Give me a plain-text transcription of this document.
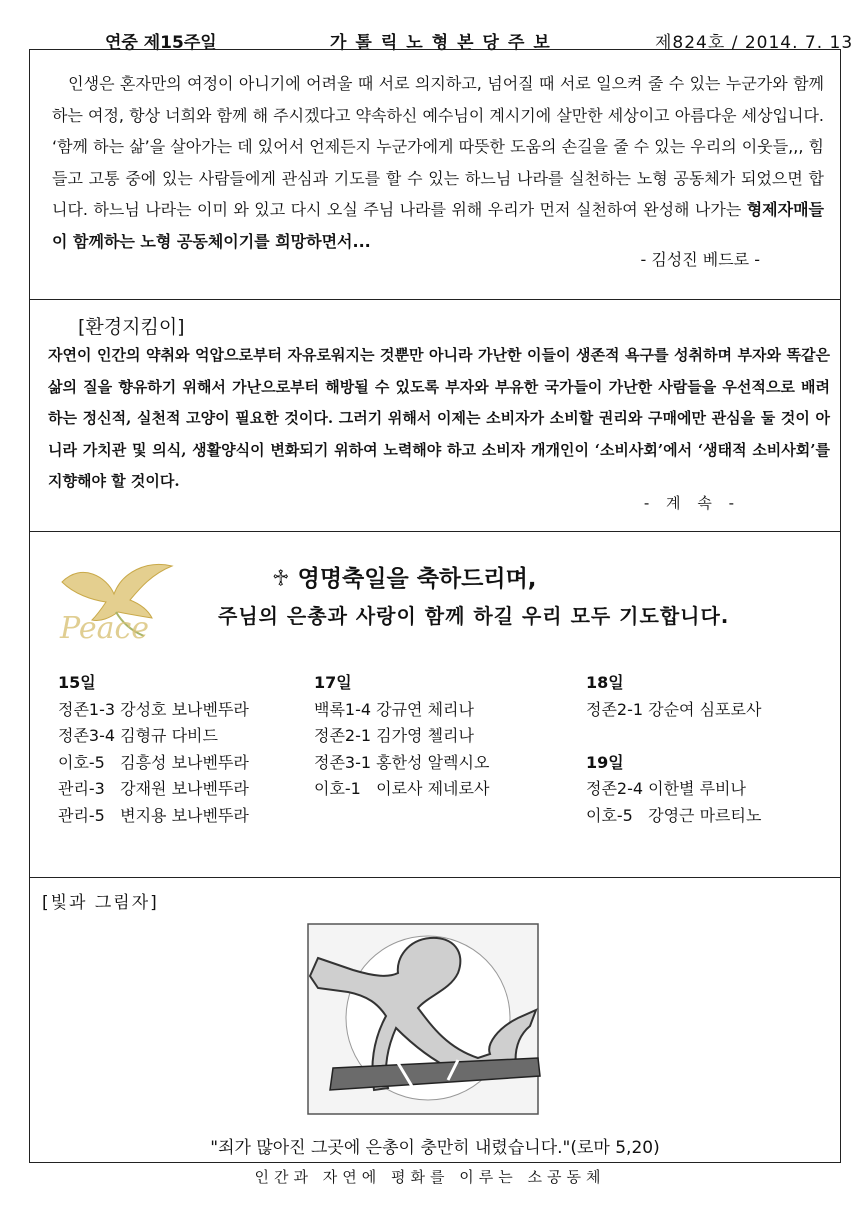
연중 제15주일	가톨릭노형본당주보	제824호 / 2014. 7. 13

인생은 혼자만의 여정이 아니기에 어려울 때 서로 의지하고, 넘어질 때 서로 일으켜 줄 수 있는 누군가와 함께하는 여정, 항상 너희와 함께 해 주시겠다고 약속하신 예수님이 계시기에 살만한 세상이고 아름다운 세상입니다. ‘함께 하는 삶’을 살아가는 데 있어서 언제든지 누군가에게 따뜻한 도움의 손길을 줄 수 있는 우리의 이웃들,,, 힘들고 고통 중에 있는 사람들에게 관심과 기도를 할 수 있는 하느님 나라를 실천하는 노형 공동체가 되었으면 합니다. 하느님 나라는 이미 와 있고 다시 오실 주님 나라를 위해 우리가 먼저 실천하여 완성해 나가는 형제자매들이 함께하는 노형 공동체이기를 희망하면서...

- 김성진 베드로 -
[환경지킴이]

자연이 인간의 약취와 억압으로부터 자유로워지는 것뿐만 아니라 가난한 이들이 생존적 욕구를 성취하며 부자와 똑같은 삶의 질을 향유하기 위해서 가난으로부터 해방될 수 있도록 부자와 부유한 국가들이 가난한 사람들을 우선적으로 배려하는 정신적, 실천적 고양이 필요한 것이다. 그러기 위해서 이제는 소비자가 소비할 권리와 구매에만 관심을 둘 것이 아니라 가치관 및 의식, 생활양식이 변화되기 위하여 노력해야 하고 소비자 개개인이 ‘소비사회’에서 ‘생태적 소비사회’를 지향해야 할 것이다.

- 계 속 -
Peace
♱ 영명축일을 축하드리며,
주님의 은총과 사랑이 함께 하길 우리 모두 기도합니다.
15일
정존1-3 강성호 보나벤뚜라
정존3-4 김형규 다비드
이호-5   김흥성 보나벤뚜라
관리-3   강재원 보나벤뚜라
관리-5   변지용 보나벤뚜라
17일
백록1-4 강규연 체리나
정존2-1 김가영 첼리나
정존3-1 홍한성 알렉시오
이호-1   이로사 제네로사
18일
정존2-1 강순여 심포로사
19일
정존2-4 이한별 루비나
이호-5   강영근 마르티노
[빛과 그림자]
"죄가 많아진 그곳에 은총이 충만히 내렸습니다."(로마 5,20)
인간과 자연에 평화를 이루는 소공동체
